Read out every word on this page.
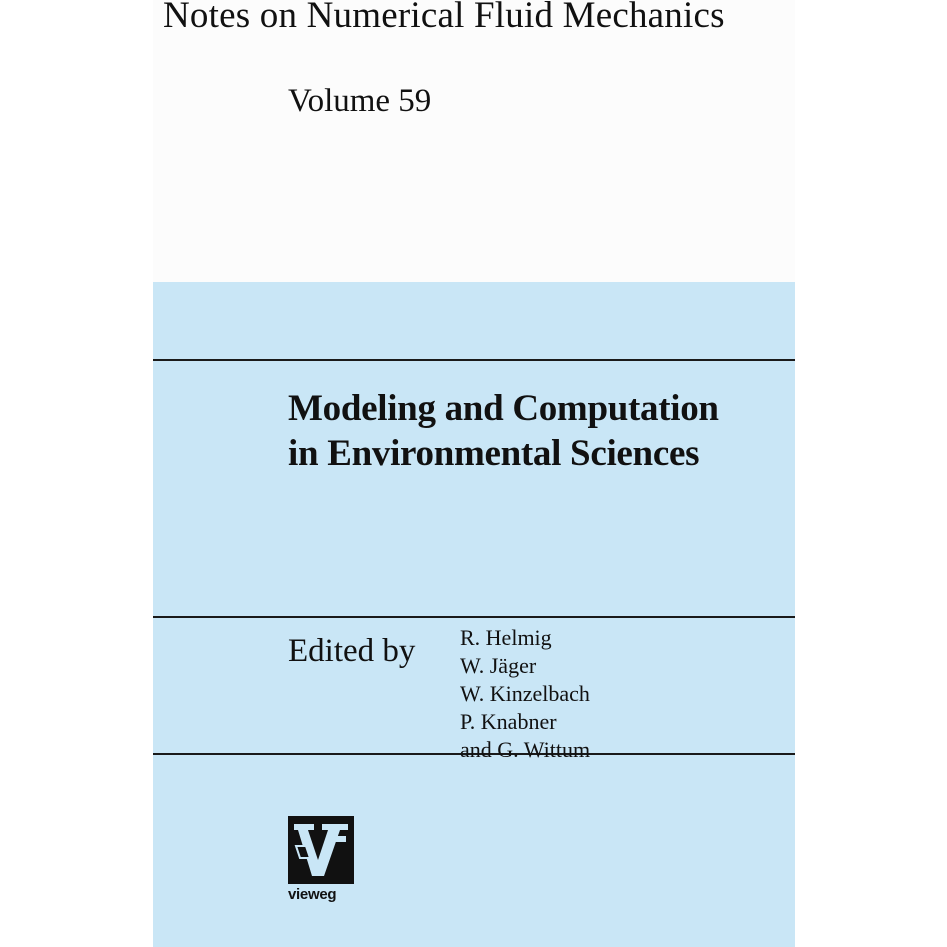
Notes on Numerical Fluid Mechanics
Volume 59
Modeling and Computation
in Environmental Sciences
Edited by R. Helmig
W. Jäger
W. Kinzelbach
P. Knabner
and G. Wittum
vieweg
